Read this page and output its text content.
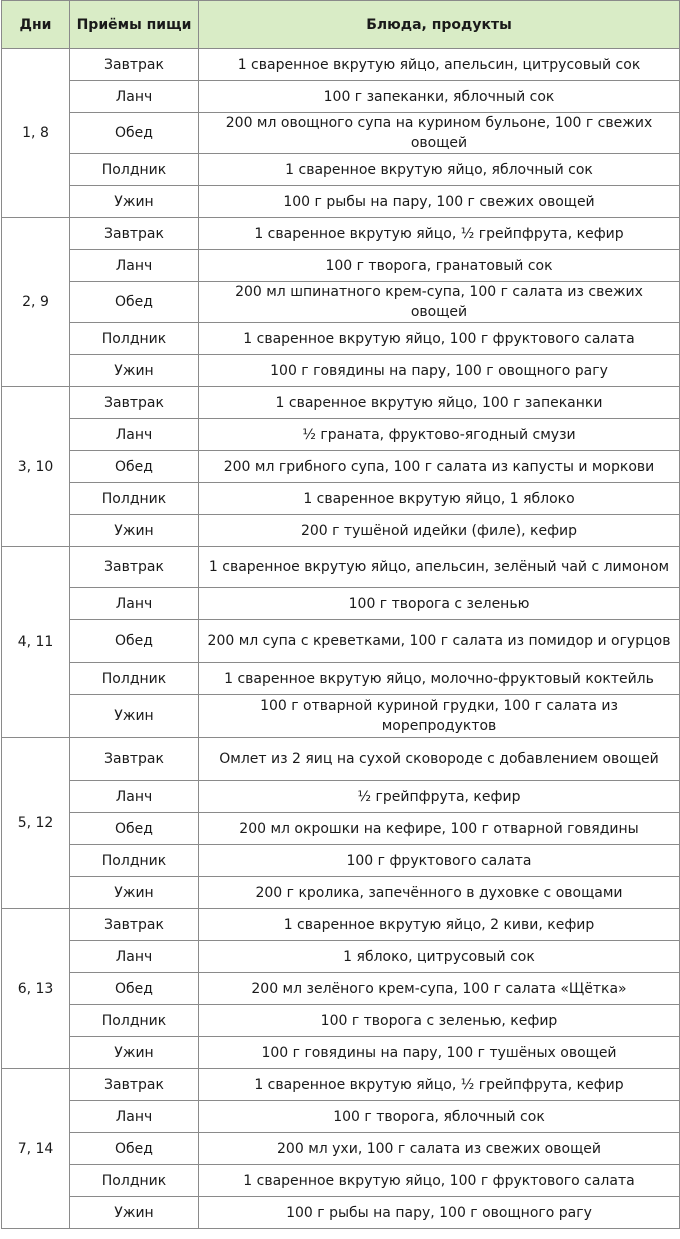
Дни	Приёмы пищи	Блюда, продукты
1, 8	Завтрак	1 сваренное вкрутую яйцо, апельсин, цитрусовый сок
	Ланч	100 г запеканки, яблочный сок
	Обед	200 мл овощного супа на курином бульоне, 100 г свежих овощей
	Полдник	1 сваренное вкрутую яйцо, яблочный сок
	Ужин	100 г рыбы на пару, 100 г свежих овощей
2, 9	Завтрак	1 сваренное вкрутую яйцо, ½ грейпфрута, кефир
	Ланч	100 г творога, гранатовый сок
	Обед	200 мл шпинатного крем-супа, 100 г салата из свежих овощей
	Полдник	1 сваренное вкрутую яйцо, 100 г фруктового салата
	Ужин	100 г говядины на пару, 100 г овощного рагу
3, 10	Завтрак	1 сваренное вкрутую яйцо, 100 г запеканки
	Ланч	½ граната, фруктово-ягодный смузи
	Обед	200 мл грибного супа, 100 г салата из капусты и моркови
	Полдник	1 сваренное вкрутую яйцо, 1 яблоко
	Ужин	200 г тушёной идейки (филе), кефир
4, 11	Завтрак	1 сваренное вкрутую яйцо, апельсин, зелёный чай с лимоном
	Ланч	100 г творога с зеленью
	Обед	200 мл супа с креветками, 100 г салата из помидор и огурцов
	Полдник	1 сваренное вкрутую яйцо, молочно-фруктовый коктейль
	Ужин	100 г отварной куриной грудки, 100 г салата из морепродуктов
5, 12	Завтрак	Омлет из 2 яиц на сухой сковороде с добавлением овощей
	Ланч	½ грейпфрута, кефир
	Обед	200 мл окрошки на кефире, 100 г отварной говядины
	Полдник	100 г фруктового салата
	Ужин	200 г кролика, запечённого в духовке с овощами
6, 13	Завтрак	1 сваренное вкрутую яйцо, 2 киви, кефир
	Ланч	1 яблоко, цитрусовый сок
	Обед	200 мл зелёного крем-супа, 100 г салата «Щётка»
	Полдник	100 г творога с зеленью, кефир
	Ужин	100 г говядины на пару, 100 г тушёных овощей
7, 14	Завтрак	1 сваренное вкрутую яйцо, ½ грейпфрута, кефир
	Ланч	100 г творога, яблочный сок
	Обед	200 мл ухи, 100 г салата из свежих овощей
	Полдник	1 сваренное вкрутую яйцо, 100 г фруктового салата
	Ужин	100 г рыбы на пару, 100 г овощного рагу
